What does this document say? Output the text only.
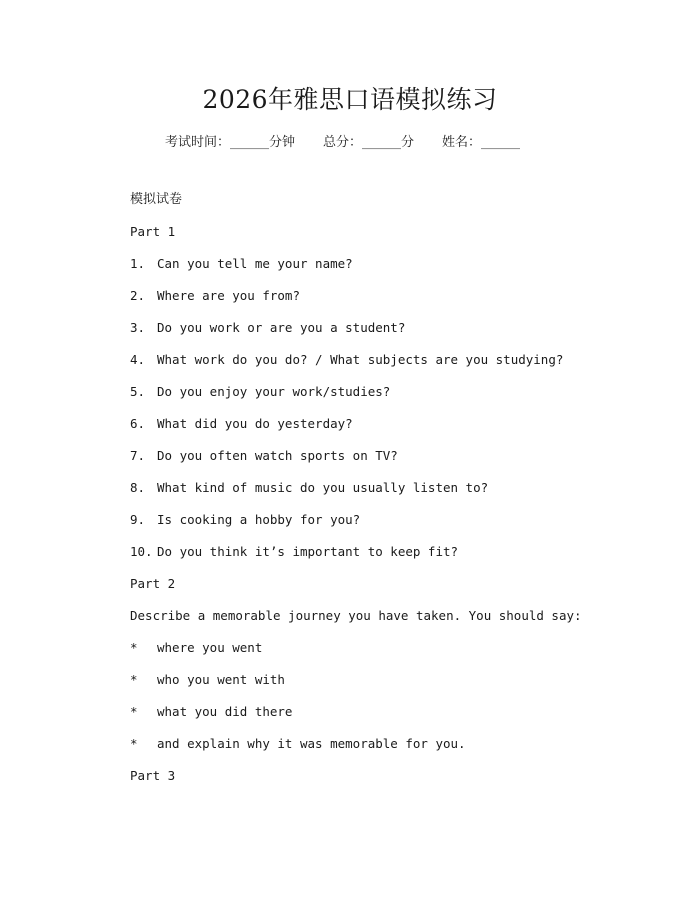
2026年雅思口语模拟练习
考试时间：______分钟 总分：______分 姓名：______
模拟试卷
Part 1
1. Can you tell me your name?
2. Where are you from?
3. Do you work or are you a student?
4. What work do you do? / What subjects are you studying?
5. Do you enjoy your work/studies?
6. What did you do yesterday?
7. Do you often watch sports on TV?
8. What kind of music do you usually listen to?
9. Is cooking a hobby for you?
10. Do you think it’s important to keep fit?
Part 2
Describe a memorable journey you have taken. You should say:
* where you went
* who you went with
* what you did there
* and explain why it was memorable for you.
Part 3
